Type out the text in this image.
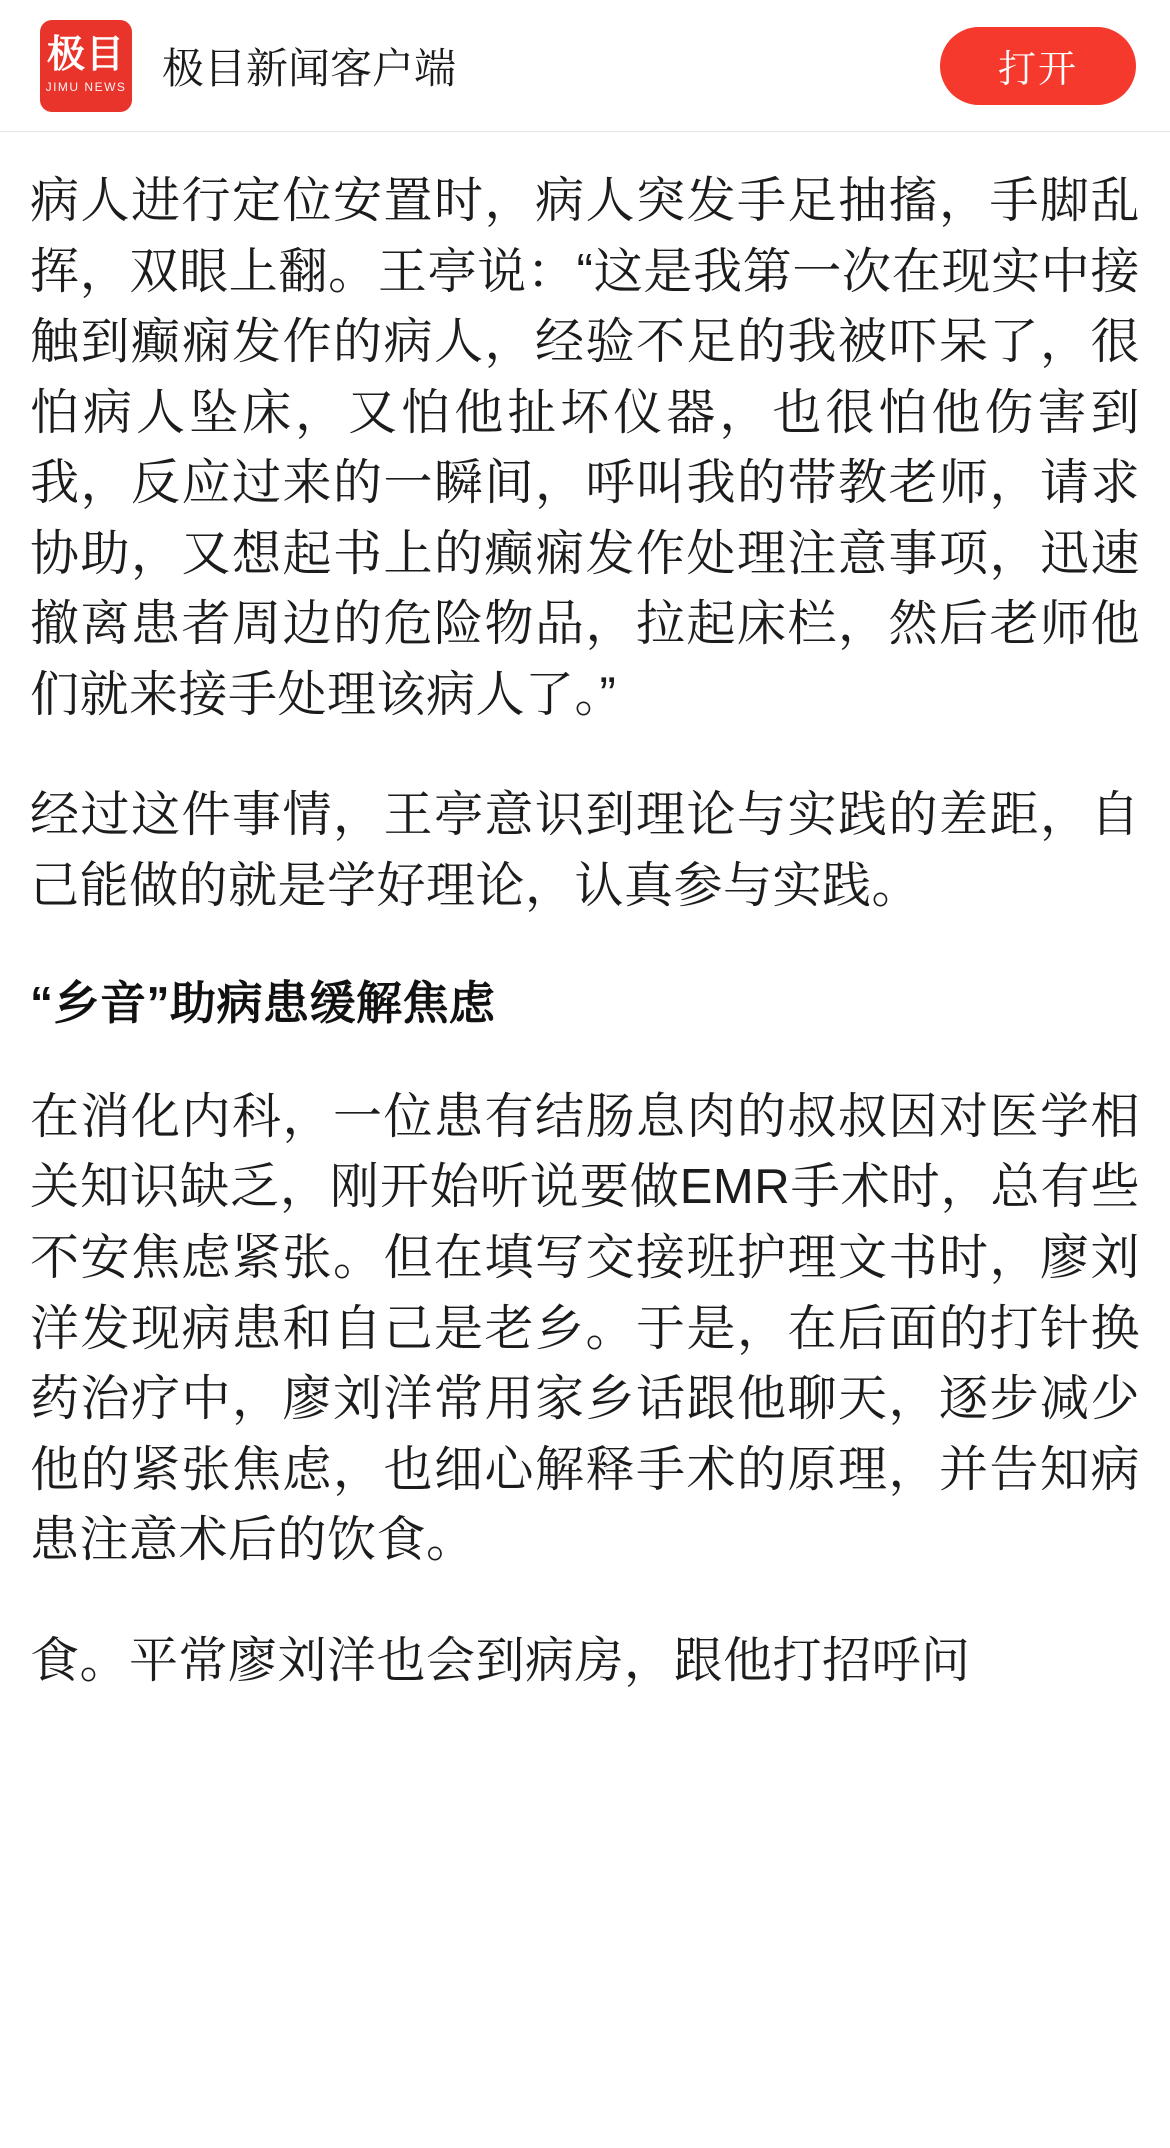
极目
JIMU NEWS 极目新闻客户端	打开

病人进行定位安置时，病人突发手足抽搐，手脚乱挥，双眼上翻。王亭说：“这是我第一次在现实中接触到癫痫发作的病人，经验不足的我被吓呆了，很怕病人坠床，又怕他扯坏仪器，也很怕他伤害到我，反应过来的一瞬间，呼叫我的带教老师，请求协助，又想起书上的癫痫发作处理注意事项，迅速撤离患者周边的危险物品，拉起床栏，然后老师他们就来接手处理该病人了。”

经过这件事情，王亭意识到理论与实践的差距，自己能做的就是学好理论，认真参与实践。

“乡音”助病患缓解焦虑

在消化内科，一位患有结肠息肉的叔叔因对医学相关知识缺乏，刚开始听说要做EMR手术时，总有些不安焦虑紧张。但在填写交接班护理文书时，廖刘洋发现病患和自己是老乡。于是，在后面的打针换药治疗中，廖刘洋常用家乡话跟他聊天，逐步减少他的紧张焦虑，也细心解释手术的原理，并告知病患注意术后的饮食。

食。平常廖刘洋也会到病房，跟他打招呼问
